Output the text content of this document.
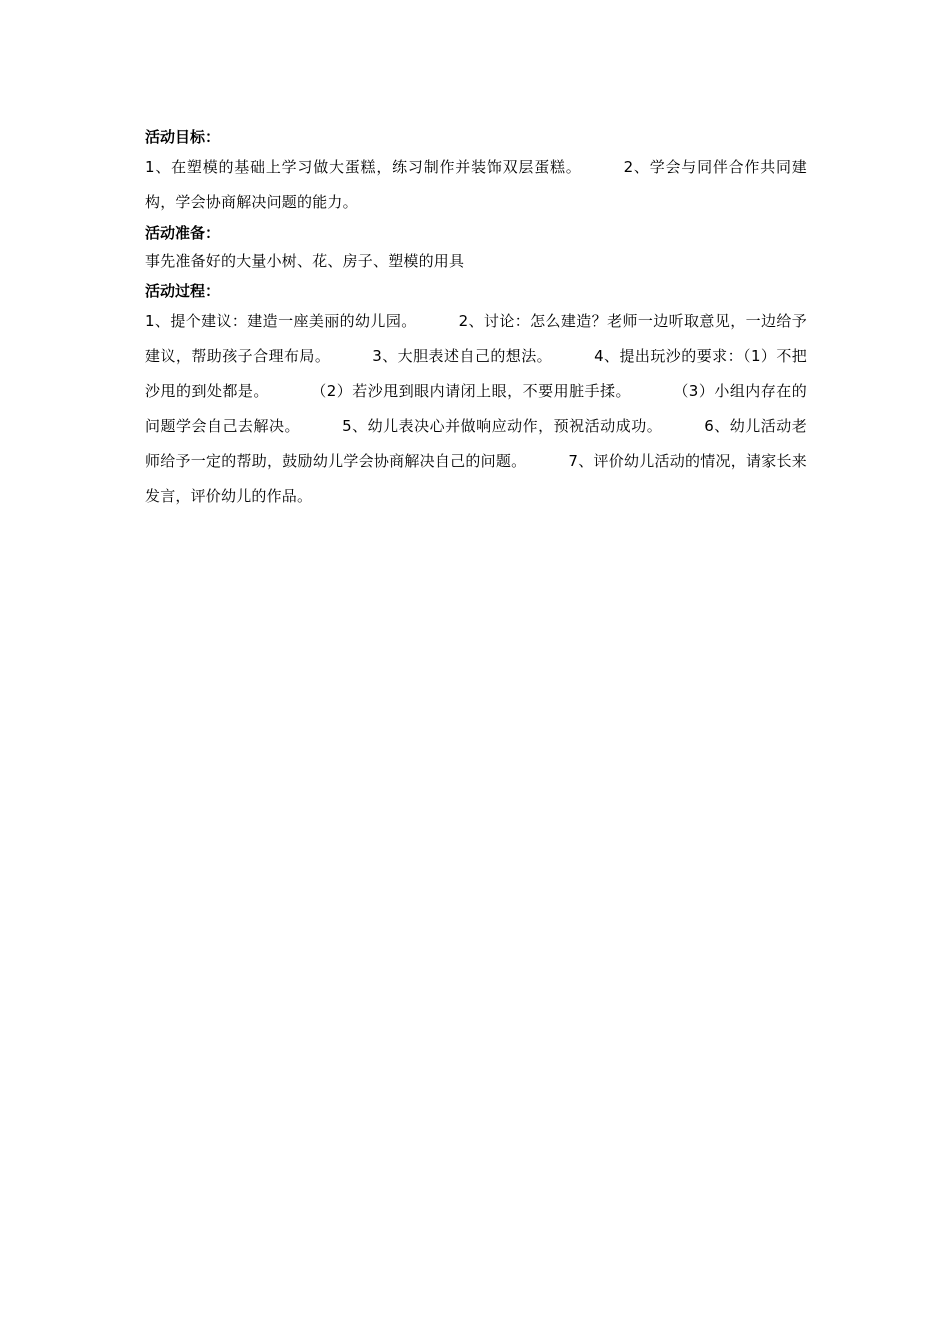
活动目标：

1、在塑模的基础上学习做大蛋糕，练习制作并装饰双层蛋糕。	2、学会与同伴合作共同建构，学会协商解决问题的能力。

活动准备：

事先准备好的大量小树、花、房子、塑模的用具

活动过程：

1、提个建议：建造一座美丽的幼儿园。	2、讨论：怎么建造？老师一边听取意见，一边给予建议，帮助孩子合理布局。	3、大胆表述自己的想法。	4、提出玩沙的要求：（1）不把沙甩的到处都是。	（2）若沙甩到眼内请闭上眼，不要用脏手揉。	（3）小组内存在的问题学会自己去解决。	5、幼儿表决心并做响应动作，预祝活动成功。	6、幼儿活动老师给予一定的帮助，鼓励幼儿学会协商解决自己的问题。	7、评价幼儿活动的情况，请家长来发言，评价幼儿的作品。
